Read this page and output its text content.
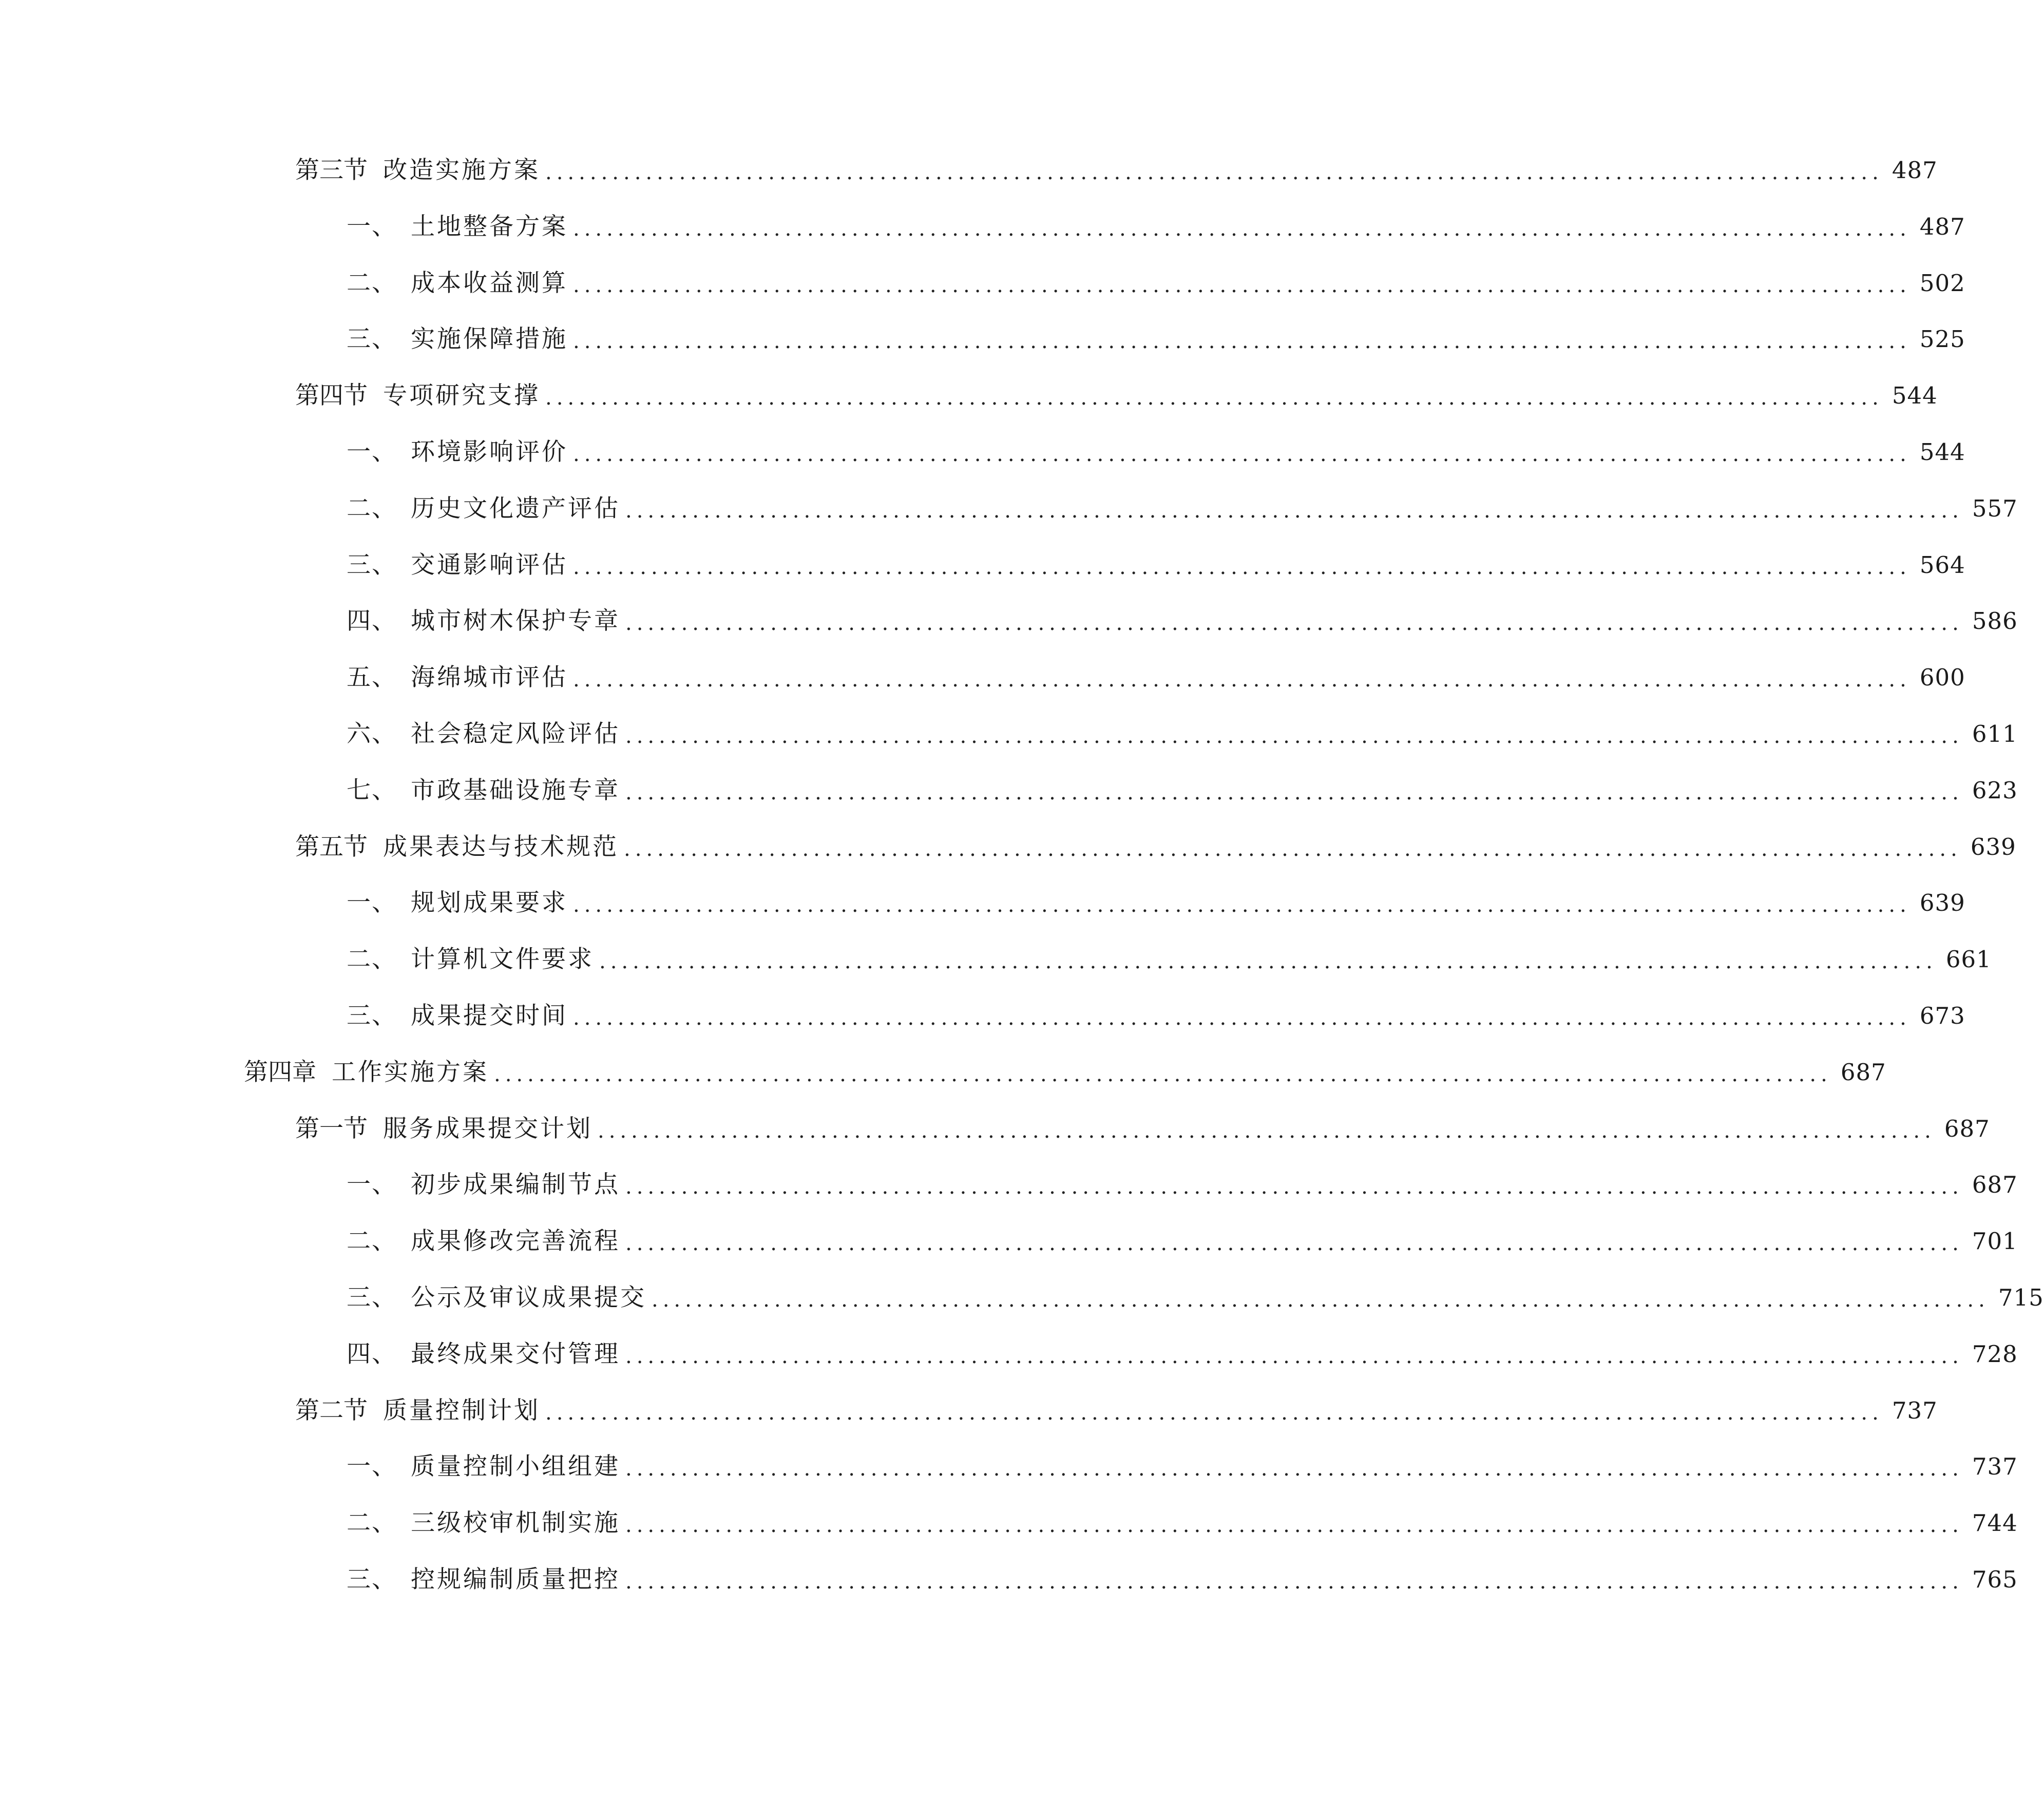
第三节 改造实施方案 ........................................................................................................................ 487
一、 土地整备方案 ........................................................................................................................ 487
二、 成本收益测算 ........................................................................................................................ 502
三、 实施保障措施 ........................................................................................................................ 525
第四节 专项研究支撑 ........................................................................................................................ 544
一、 环境影响评价 ........................................................................................................................ 544
二、 历史文化遗产评估 ........................................................................................................................ 557
三、 交通影响评估 ........................................................................................................................ 564
四、 城市树木保护专章 ........................................................................................................................ 586
五、 海绵城市评估 ........................................................................................................................ 600
六、 社会稳定风险评估 ........................................................................................................................ 611
七、 市政基础设施专章 ........................................................................................................................ 623
第五节 成果表达与技术规范 ........................................................................................................................ 639
一、 规划成果要求 ........................................................................................................................ 639
二、 计算机文件要求 ........................................................................................................................ 661
三、 成果提交时间 ........................................................................................................................ 673
第四章 工作实施方案 ........................................................................................................................ 687
第一节 服务成果提交计划 ........................................................................................................................ 687
一、 初步成果编制节点 ........................................................................................................................ 687
二、 成果修改完善流程 ........................................................................................................................ 701
三、 公示及审议成果提交 ........................................................................................................................ 715
四、 最终成果交付管理 ........................................................................................................................ 728
第二节 质量控制计划 ........................................................................................................................ 737
一、 质量控制小组组建 ........................................................................................................................ 737
二、 三级校审机制实施 ........................................................................................................................ 744
三、 控规编制质量把控 ........................................................................................................................ 765
